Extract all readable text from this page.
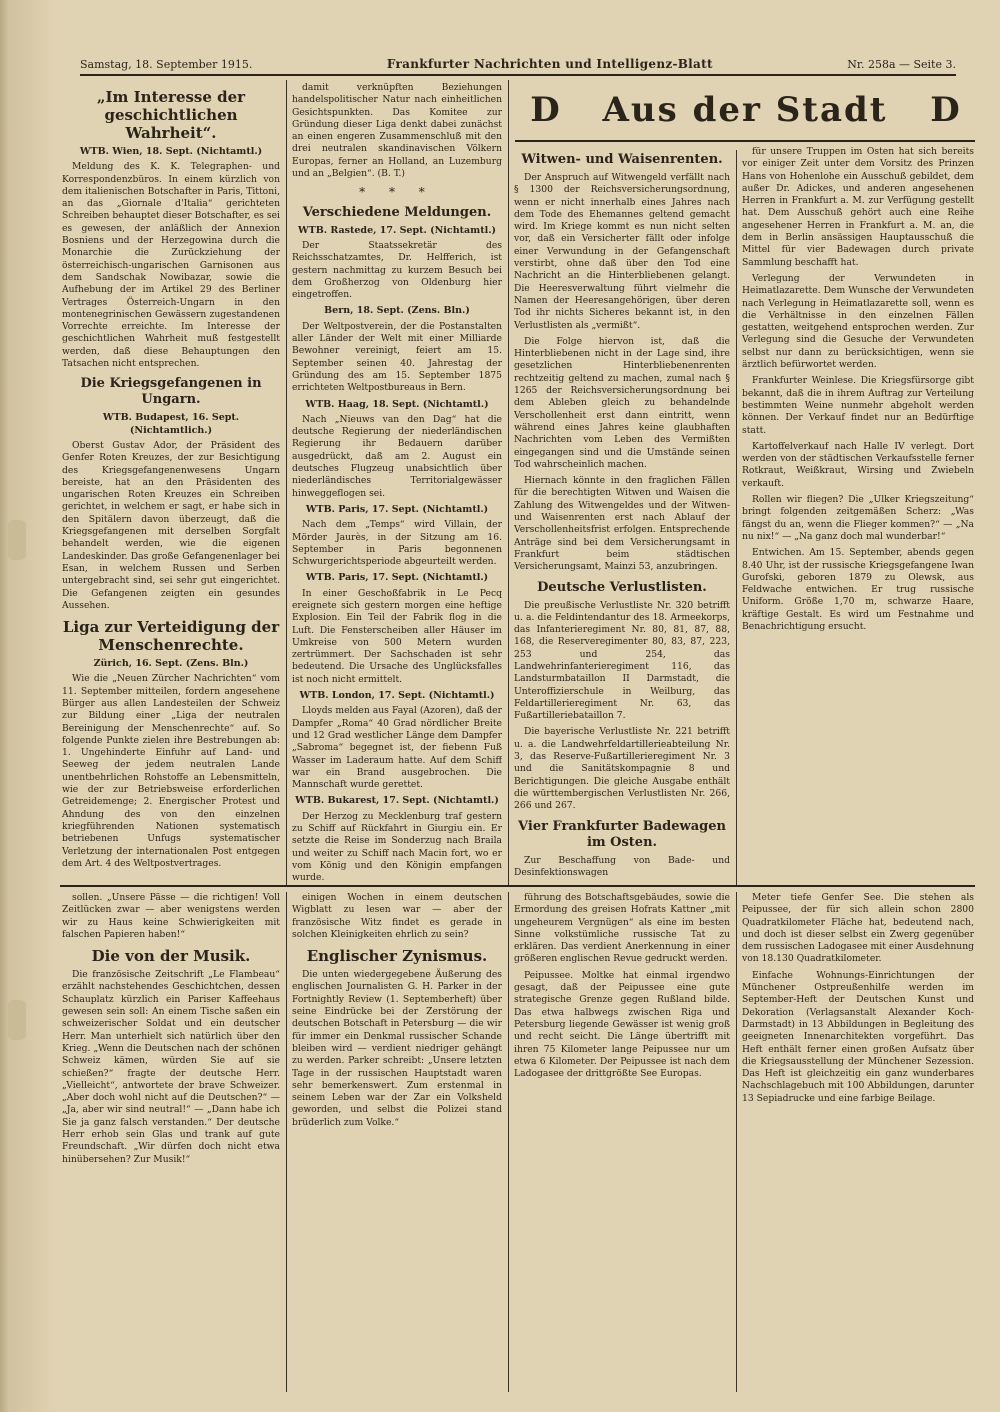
Samstag, 18. September 1915.	Frankfurter Nachrichten und Intelligenz-Blatt	Nr. 258a — Seite 3.
D	Aus der Stadt	D
„Im Interesse der geschichtlichen Wahrheit“.
WTB. Wien, 18. Sept. (Nichtamtl.)

Meldung des K. K. Telegraphen- und Korrespondenzbüros. In einem kürzlich von dem italienischen Botschafter in Paris, Tittoni, an das „Giornale d'Italia“ gerichteten Schreiben behauptet dieser Botschafter, es sei es gewesen, der anläßlich der Annexion Bosniens und der Herzegowina durch die Monarchie die Zurückziehung der österreichisch-ungarischen Garnisonen aus dem Sandschak Nowibazar, sowie die Aufhebung der im Artikel 29 des Berliner Vertrages Österreich-Ungarn in den montenegrinischen Gewässern zugestandenen Vorrechte erreichte. Im Interesse der geschichtlichen Wahrheit muß festgestellt werden, daß diese Behauptungen den Tatsachen nicht entsprechen.

Die Kriegsgefangenen in Ungarn.
WTB. Budapest, 16. Sept. (Nichtamtlich.)

Oberst Gustav Ador, der Präsident des Genfer Roten Kreuzes, der zur Besichtigung des Kriegsgefangenenwesens Ungarn bereiste, hat an den Präsidenten des ungarischen Roten Kreuzes ein Schreiben gerichtet, in welchem er sagt, er habe sich in den Spitälern davon überzeugt, daß die Kriegsgefangenen mit derselben Sorgfalt behandelt werden, wie die eigenen Landeskinder. Das große Gefangenenlager bei Esan, in welchem Russen und Serben untergebracht sind, sei sehr gut eingerichtet. Die Gefangenen zeigten ein gesundes Aussehen.

Liga zur Verteidigung der Menschenrechte.
Zürich, 16. Sept. (Zens. Bln.)

Wie die „Neuen Zürcher Nachrichten“ vom 11. September mitteilen, fordern angesehene Bürger aus allen Landesteilen der Schweiz zur Bildung einer „Liga der neutralen Bereinigung der Menschenrechte“ auf. So folgende Punkte zielen ihre Bestrebungen ab: 1. Ungehinderte Einfuhr auf Land- und Seeweg der jedem neutralen Lande unentbehrlichen Rohstoffe an Lebensmitteln, wie der zur Betriebsweise erforderlichen Getreidemenge; 2. Energischer Protest und Ahndung des von den einzelnen kriegführenden Nationen systematisch betriebenen Unfugs systematischer Verletzung der internationalen Post entgegen dem Art. 4 des Weltpostvertrages.

damit verknüpften Beziehungen handelspolitischer Natur nach einheitlichen Gesichtspunkten. Das Komitee zur Gründung dieser Liga denkt dabei zunächst an einen engeren Zusammenschluß mit den drei neutralen skandinavischen Völkern Europas, ferner an Holland, an Luzemburg und an „Belgien“. (B. T.)

* * *
Verschiedene Meldungen.
WTB. Rastede, 17. Sept. (Nichtamtl.)

Der Staatssekretär des Reichsschatzamtes, Dr. Helfferich, ist gestern nachmittag zu kurzem Besuch bei dem Großherzog von Oldenburg hier eingetroffen.

Bern, 18. Sept. (Zens. Bln.)

Der Weltpostverein, der die Postanstalten aller Länder der Welt mit einer Milliarde Bewohner vereinigt, feiert am 15. September seinen 40. Jahrestag der Gründung des am 15. September 1875 errichteten Weltpostbureaus in Bern.

WTB. Haag, 18. Sept. (Nichtamtl.)

Nach „Nieuws van den Dag“ hat die deutsche Regierung der niederländischen Regierung ihr Bedauern darüber ausgedrückt, daß am 2. August ein deutsches Flugzeug unabsichtlich über niederländisches Territorialgewässer hinweggeflogen sei.

WTB. Paris, 17. Sept. (Nichtamtl.)

Nach dem „Temps“ wird Villain, der Mörder Jaurès, in der Sitzung am 16. September in Paris begonnenen Schwurgerichtsperiode abgeurteilt werden.

WTB. Paris, 17. Sept. (Nichtamtl.)

In einer Geschoßfabrik in Le Pecq ereignete sich gestern morgen eine heftige Explosion. Ein Teil der Fabrik flog in die Luft. Die Fensterscheiben aller Häuser im Umkreise von 500 Metern wurden zertrümmert. Der Sachschaden ist sehr bedeutend. Die Ursache des Unglücksfalles ist noch nicht ermittelt.

WTB. London, 17. Sept. (Nichtamtl.)

Lloyds melden aus Fayal (Azoren), daß der Dampfer „Roma“ 40 Grad nördlicher Breite und 12 Grad westlicher Länge dem Dampfer „Sabroma“ begegnet ist, der fiebenn Fuß Wasser im Laderaum hatte. Auf dem Schiff war ein Brand ausgebrochen. Die Mannschaft wurde gerettet.

WTB. Bukarest, 17. Sept. (Nichtamtl.)

Der Herzog zu Mecklenburg traf gestern zu Schiff auf Rückfahrt in Giurgiu ein. Er setzte die Reise im Sonderzug nach Braila und weiter zu Schiff nach Macin fort, wo er vom König und den Königin empfangen wurde.

Witwen- und Waisenrenten.

Der Anspruch auf Witwengeld verfällt nach § 1300 der Reichsversicherungsordnung, wenn er nicht innerhalb eines Jahres nach dem Tode des Ehemannes geltend gemacht wird. Im Kriege kommt es nun nicht selten vor, daß ein Versicherter fällt oder infolge einer Verwundung in der Gefangenschaft verstirbt, ohne daß über den Tod eine Nachricht an die Hinterbliebenen gelangt. Die Heeresverwaltung führt vielmehr die Namen der Heeresangehörigen, über deren Tod ihr nichts Sicheres bekannt ist, in den Verlustlisten als „vermißt“.

Die Folge hiervon ist, daß die Hinterbliebenen nicht in der Lage sind, ihre gesetzlichen Hinterbliebenenrenten rechtzeitig geltend zu machen, zumal nach § 1265 der Reichsversicherungsordnung bei dem Ableben gleich zu behandelnde Verschollenheit erst dann eintritt, wenn während eines Jahres keine glaubhaften Nachrichten vom Leben des Vermißten eingegangen sind und die Umstände seinen Tod wahrscheinlich machen.

Hiernach könnte in den fraglichen Fällen für die berechtigten Witwen und Waisen die Zahlung des Witwengeldes und der Witwen- und Waisenrenten erst nach Ablauf der Verschollenheitsfrist erfolgen. Entsprechende Anträge sind bei dem Versicherungsamt in Frankfurt beim städtischen Versicherungsamt, Mainzi 53, anzubringen.

Deutsche Verlustlisten.

Die preußische Verlustliste Nr. 320 betrifft u. a. die Feldintendantur des 18. Armeekorps, das Infanterieregiment Nr. 80, 81, 87, 88, 168, die Reserveregimenter 80, 83, 87, 223, 253 und 254, das Landwehrinfanterieregiment 116, das Landsturmbataillon II Darmstadt, die Unteroffizierschule in Weilburg, das Feldartillerieregiment Nr. 63, das Fußartilleriebataillon 7.

Die bayerische Verlustliste Nr. 221 betrifft u. a. die Landwehrfeldartillerieabteilung Nr. 3, das Reserve-Fußartillerieregiment Nr. 3 und die Sanitätskompagnie 8 und Berichtigungen. Die gleiche Ausgabe enthält die württembergischen Verlustlisten Nr. 266, 266 und 267.

Vier Frankfurter Badewagen im Osten.

Zur Beschaffung von Bade- und Desinfektionswagen

für unsere Truppen im Osten hat sich bereits vor einiger Zeit unter dem Vorsitz des Prinzen Hans von Hohenlohe ein Ausschuß gebildet, dem außer Dr. Adickes, und anderen angesehenen Herren in Frankfurt a. M. zur Verfügung gestellt hat. Dem Ausschuß gehört auch eine Reihe angesehener Herren in Frankfurt a. M. an, die dem in Berlin ansässigen Hauptausschuß die Mittel für vier Badewagen durch private Sammlung beschafft hat.

Verlegung der Verwundeten in Heimatlazarette. Dem Wunsche der Verwundeten nach Verlegung in Heimatlazarette soll, wenn es die Verhältnisse in den einzelnen Fällen gestatten, weitgehend entsprochen werden. Zur Verlegung sind die Gesuche der Verwundeten selbst nur dann zu berücksichtigen, wenn sie ärztlich befürwortet werden.

Frankfurter Weinlese. Die Kriegsfürsorge gibt bekannt, daß die in ihrem Auftrag zur Verteilung bestimmten Weine nunmehr abgeholt werden können. Der Verkauf findet nur an Bedürftige statt.

Kartoffelverkauf nach Halle IV verlegt. Dort werden von der städtischen Verkaufsstelle ferner Rotkraut, Weißkraut, Wirsing und Zwiebeln verkauft.

Rollen wir fliegen? Die „Ulker Kriegszeitung“ bringt folgenden zeitgemäßen Scherz: „Was fängst du an, wenn die Flieger kommen?“ — „Na nu nix!“ — „Na ganz doch mal wunderbar!“

Entwichen. Am 15. September, abends gegen 8.40 Uhr, ist der russische Kriegsgefangene Iwan Gurofski, geboren 1879 zu Olewsk, aus Feldwache entwichen. Er trug russische Uniform. Größe 1,70 m, schwarze Haare, kräftige Gestalt. Es wird um Festnahme und Benachrichtigung ersucht.

sollen. „Unsere Pässe — die richtigen! Voll Zeitlücken zwar — aber wenigstens werden wir zu Haus keine Schwierigkeiten mit falschen Papieren haben!“

Die von der Musik.

Die französische Zeitschrift „Le Flambeau“ erzählt nachstehendes Geschichtchen, dessen Schauplatz kürzlich ein Pariser Kaffeehaus gewesen sein soll: An einem Tische saßen ein schweizerischer Soldat und ein deutscher Herr. Man unterhielt sich natürlich über den Krieg. „Wenn die Deutschen nach der schönen Schweiz kämen, würden Sie auf sie schießen?“ fragte der deutsche Herr. „Vielleicht“, antwortete der brave Schweizer. „Aber doch wohl nicht auf die Deutschen?“ — „Ja, aber wir sind neutral!“ — „Dann habe ich Sie ja ganz falsch verstanden.“ Der deutsche Herr erhob sein Glas und trank auf gute Freundschaft. „Wir dürfen doch nicht etwa hinübersehen? Zur Musik!“

einigen Wochen in einem deutschen Wigblatt zu lesen war — aber der französische Witz findet es gerade in solchen Kleinigkeiten ehrlich zu sein?

Englischer Zynismus.

Die unten wiedergegebene Äußerung des englischen Journalisten G. H. Parker in der Fortnightly Review (1. Septemberheft) über seine Eindrücke bei der Zerstörung der deutschen Botschaft in Petersburg — die wir für immer ein Denkmal russischer Schande bleiben wird — verdient niedriger gehängt zu werden. Parker schreibt: „Unsere letzten Tage in der russischen Hauptstadt waren sehr bemerkenswert. Zum erstenmal in seinem Leben war der Zar ein Volksheld geworden, und selbst die Polizei stand brüderlich zum Volke.“

führung des Botschaftsgebäudes, sowie die Ermordung des greisen Hofrats Kattner „mit ungeheurem Vergnügen“ als eine im besten Sinne volkstümliche russische Tat zu erklären. Das verdient Anerkennung in einer größeren englischen Revue gedruckt werden.

Peipussee. Moltke hat einmal irgendwo gesagt, daß der Peipussee eine gute strategische Grenze gegen Rußland bilde. Das etwa halbwegs zwischen Riga und Petersburg liegende Gewässer ist wenig groß und recht seicht. Die Länge übertrifft mit ihren 75 Kilometer lange Peipussee nur um etwa 6 Kilometer. Der Peipussee ist nach dem Ladogasee der drittgrößte See Europas.

Meter tiefe Genfer See. Die stehen als Peipussee, der für sich allein schon 2800 Quadratkilometer Fläche hat, bedeutend nach, und doch ist dieser selbst ein Zwerg gegenüber dem russischen Ladogasee mit einer Ausdehnung von 18.130 Quadratkilometer.

Einfache Wohnungs-Einrichtungen der Münchener Ostpreußenhilfe werden im September-Heft der Deutschen Kunst und Dekoration (Verlagsanstalt Alexander Koch-Darmstadt) in 13 Abbildungen in Begleitung des geeigneten Innenarchitekten vorgeführt. Das Heft enthält ferner einen großen Aufsatz über die Kriegsausstellung der Münchener Sezession. Das Heft ist gleichzeitig ein ganz wunderbares Nachschlagebuch mit 100 Abbildungen, darunter 13 Sepiadrucke und eine farbige Beilage.
